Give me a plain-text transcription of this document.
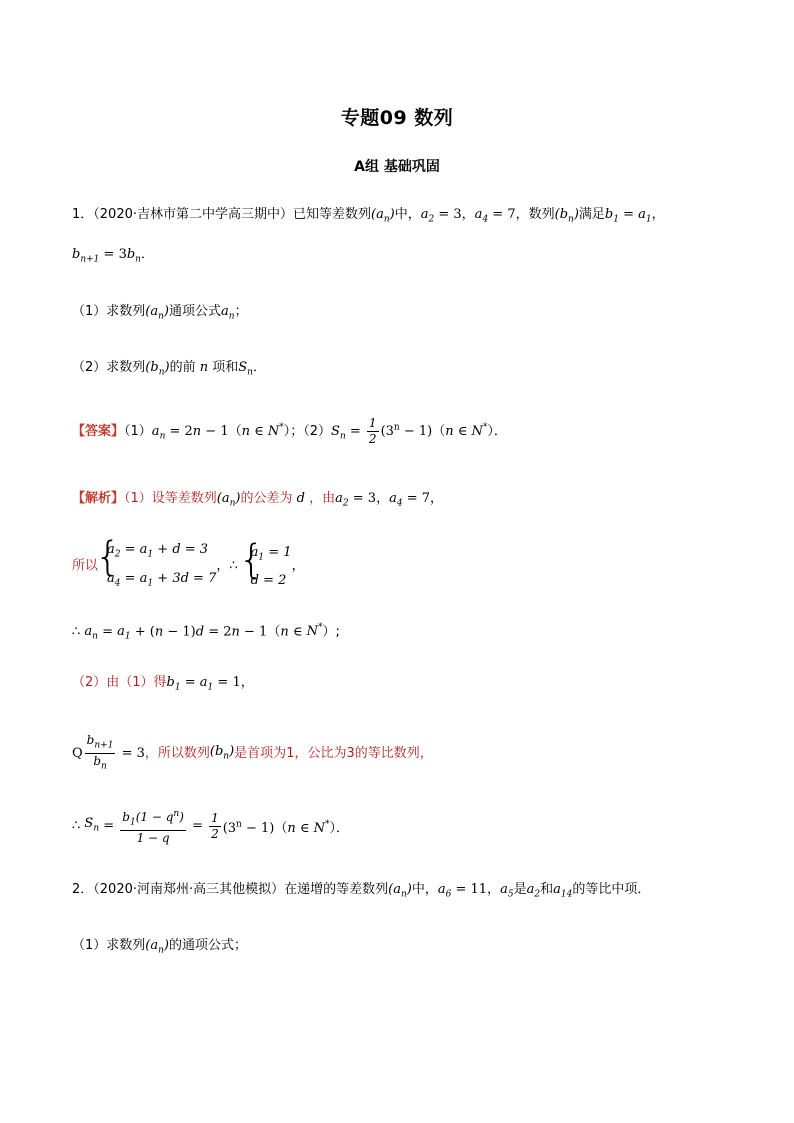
专题09 数列
A组 基础巩固
1．（2020·吉林市第二中学高三期中）已知等差数列$(a_n)$中，$a_2 = 3$，$a_4 = 7$，数列$(b_n)$满足$b_1 = a_1$，
$b_{n+1} = 3b_n$．
（1）求数列$(a_n)$通项公式$a_n$；
（2）求数列$(b_n)$的前 n 项和$S_n$．
【答案】$(1)a_n = 2n - 1(n$ ∈ N*）；$(2)S_n = \frac{1}{2} (3^n - 1)(n$ ∈ N*）．
【解析】（1）设等差数列$(a_n)$的公差为 d ，由$a_2 = 3$，$a_4 = 7$，
所以
{ $a_2 = a_1 + d = 3$
$a_4 = a_1 + 3d = 7$
，∴
{ $a_1 = 1$
d = 2
，
∴ $a_n = a_1 + (n - 1)d = 2n - 1(n$ ∈ N*）;
（2）由（1）得$b_1 = a_1 = 1$，
Q $\frac{b_{n+1}}{b_n} = 3$，所以数列$(b_n)$是首项为1，公比为3的等比数列，
∴ $S_n = \frac{b_1(1 - q^n)}{1 - q} = \frac{1}{2} (3^n - 1)(n$ ∈ N*）．
2．（2020·河南郑州·高三其他模拟）在递增的等差数列$(a_n)$中，$a_6 = 11$，$a_5$是$a_2$和$a_{14}$的等比中项．
（1）求数列$(a_n)$的通项公式；
